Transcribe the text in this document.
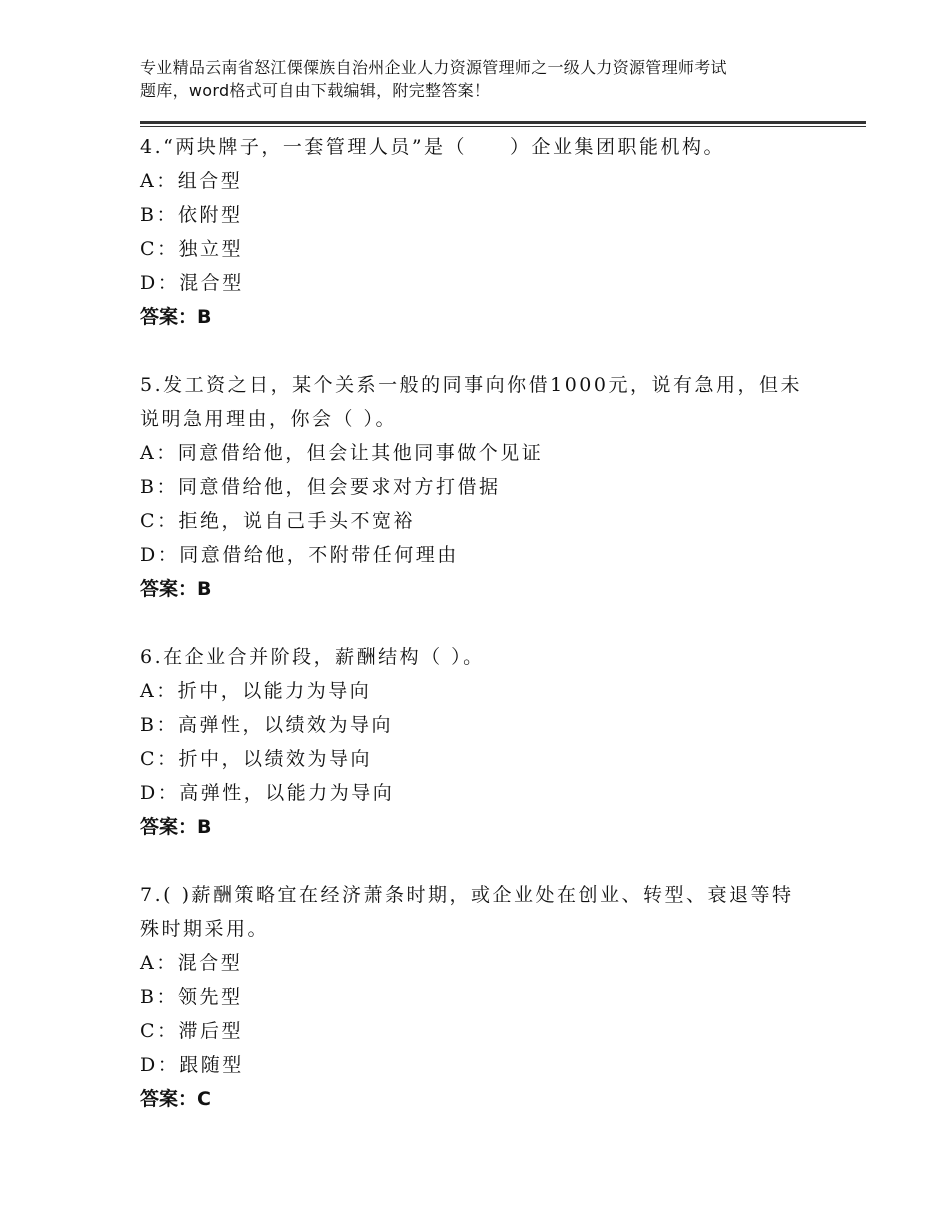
专业精品云南省怒江傈僳族自治州企业人力资源管理师之一级人力资源管理师考试
题库，word格式可自由下载编辑，附完整答案！
4.“两块牌子，一套管理人员”是（　　）企业集团职能机构。
A：组合型
B：依附型
C：独立型
D：混合型
答案：B
5.发工资之日，某个关系一般的同事向你借1000元，说有急用，但未
说明急用理由，你会（ ）。
A：同意借给他，但会让其他同事做个见证
B：同意借给他，但会要求对方打借据
C：拒绝，说自己手头不宽裕
D：同意借给他，不附带任何理由
答案：B
6.在企业合并阶段，薪酬结构（ ）。
A：折中，以能力为导向
B：高弹性，以绩效为导向
C：折中，以绩效为导向
D：高弹性，以能力为导向
答案：B
7.( )薪酬策略宜在经济萧条时期，或企业处在创业、转型、衰退等特
殊时期采用。
A：混合型
B：领先型
C：滞后型
D：跟随型
答案：C
